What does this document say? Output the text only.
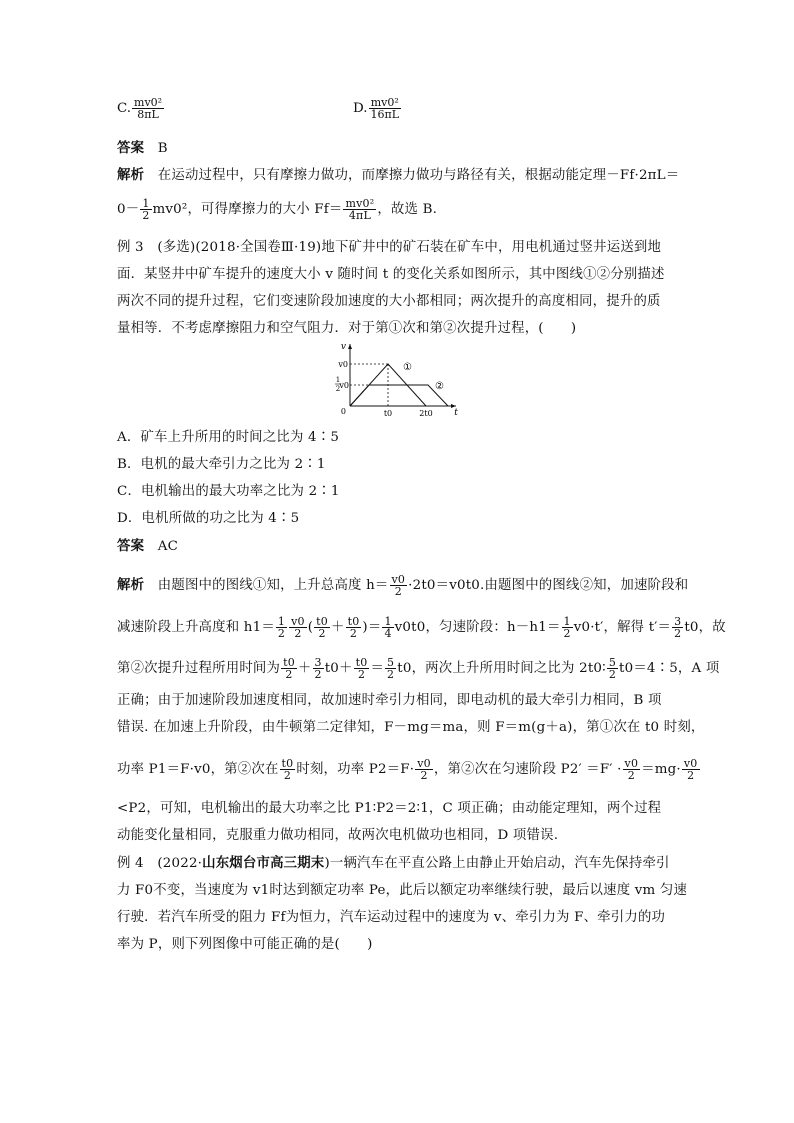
C. $\frac{\text{mv0²}}{8\pi L}$	D. $\frac{\text{mv0²}}{16\pi L}$
答案　 B
解析　 在运动过程中，只有摩擦力做功，而摩擦力做功与路径有关，根据动能定理－Ff·2πL＝
$0- \frac{1}{2} mv0^2$，可得摩擦力的大小 $Ff= \frac{\text{mv0²}}{4\pi L}$ ，故选 B.
例 3　(多选)(2018·全国卷Ⅲ·19)地下矿井中的矿石装在矿车中，用电机通过竖井运送到地
面．某竖井中矿车提升的速度大小 v 随时间 t 的变化关系如图所示，其中图线①②分别描述
两次不同的提升过程，它们变速阶段加速度的大小都相同；两次提升的高度相同，提升的质
量相等．不考虑摩擦阻力和空气阻力．对于第①次和第②次提升过程，(　　)
v
v0
1
2 v0
0	t0	2t0 t
①
②
A．矿车上升所用的时间之比为 4∶5
B．电机的最大牵引力之比为 2∶1
C．电机输出的最大功率之比为 2∶1
D．电机所做的功之比为 4∶5
答案　 AC
解析　 由题图中的图线①知，上升总高度 $h= \frac{v0}{2} \cdot 2t0=v0t0$.由题图中的图线②知，加速阶段和
减速阶段上升高度和 $h1= \frac{1}{2} \frac{v0}{2}$ ( $\frac{t0}{2} + \frac{t0}{2}$ )＝ $\frac{1}{4} v0t0$，匀速阶段：$h-h1= \frac{1}{2} v0\cdot t'$，解得 $t'= \frac{3}{2} t0$，故
第②次提升过程所用时间为 $\frac{t0}{2} + \frac{3}{2} t0+ \frac{t0}{2} = \frac{5}{2} t0$，两次上升所用时间之比为 2t0∶ $\frac{5}{2}$ t0＝4∶5，A 项
正确；由于加速阶段加速度相同，故加速时牵引力相同，即电动机的最大牵引力相同，B 项
错误. 在加速上升阶段，由牛顿第二定律知，F－mg＝ma，则 F＝m(g＋a)，第①次在 t0 时刻，
功率 P1＝F·v0，第②次在 $\frac{t0}{2}$ 时刻，功率 $P2=F\cdot \frac{v0}{2}$ ，第②次在匀速阶段 $P2' =F' \cdot \frac{v0}{2} =mg\cdot \frac{v0}{2}$
<P2，可知，电机输出的最大功率之比 P1∶P2＝2∶1，C 项正确；由动能定理知，两个过程
动能变化量相同，克服重力做功相同，故两次电机做功也相同，D 项错误.
例 4　(2022·山东烟台市高三期末)一辆汽车在平直公路上由静止开始启动，汽车先保持牵引
力 F0不变，当速度为 v1时达到额定功率 Pe，此后以额定功率继续行驶，最后以速度 vm 匀速
行驶．若汽车所受的阻力 Ff为恒力，汽车运动过程中的速度为 v、牵引力为 F、牵引力的功
率为 P，则下列图像中可能正确的是(　　)
